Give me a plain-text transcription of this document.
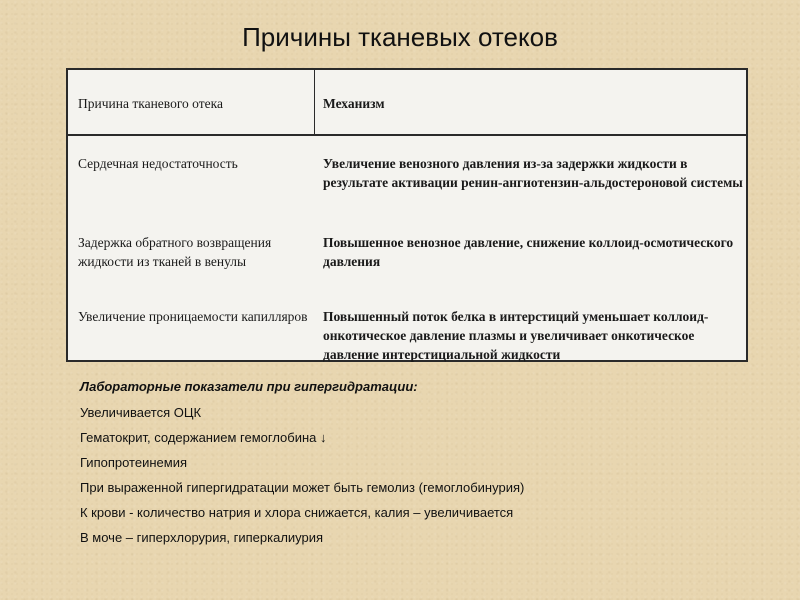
Причины тканевых отеков
Причина тканевого отека	Механизм
Сердечная недостаточность	Увеличение венозного давления из-за задержки жидкости в результате активации ренин-ангиотензин-альдостероновой системы
Задержка обратного возвращения жидкости из тканей в венулы
Повышенное венозное давление, снижение коллоид-осмотического давления
Увеличение проницаемости капилляров Повышенный поток белка в интерстиций уменьшает коллоид-онкотическое давление плазмы и увеличивает онкотическое давление интерстициальной жидкости
Лабораторные показатели при гипергидратации:
Увеличивается ОЦК
Гематокрит, содержанием гемоглобина ↓
Гипопротеинемия
При выраженной гипергидратации может быть гемолиз (гемоглобинурия)
К крови - количество натрия и хлора снижается, калия – увеличивается
В моче – гиперхлорурия, гиперкалиурия
